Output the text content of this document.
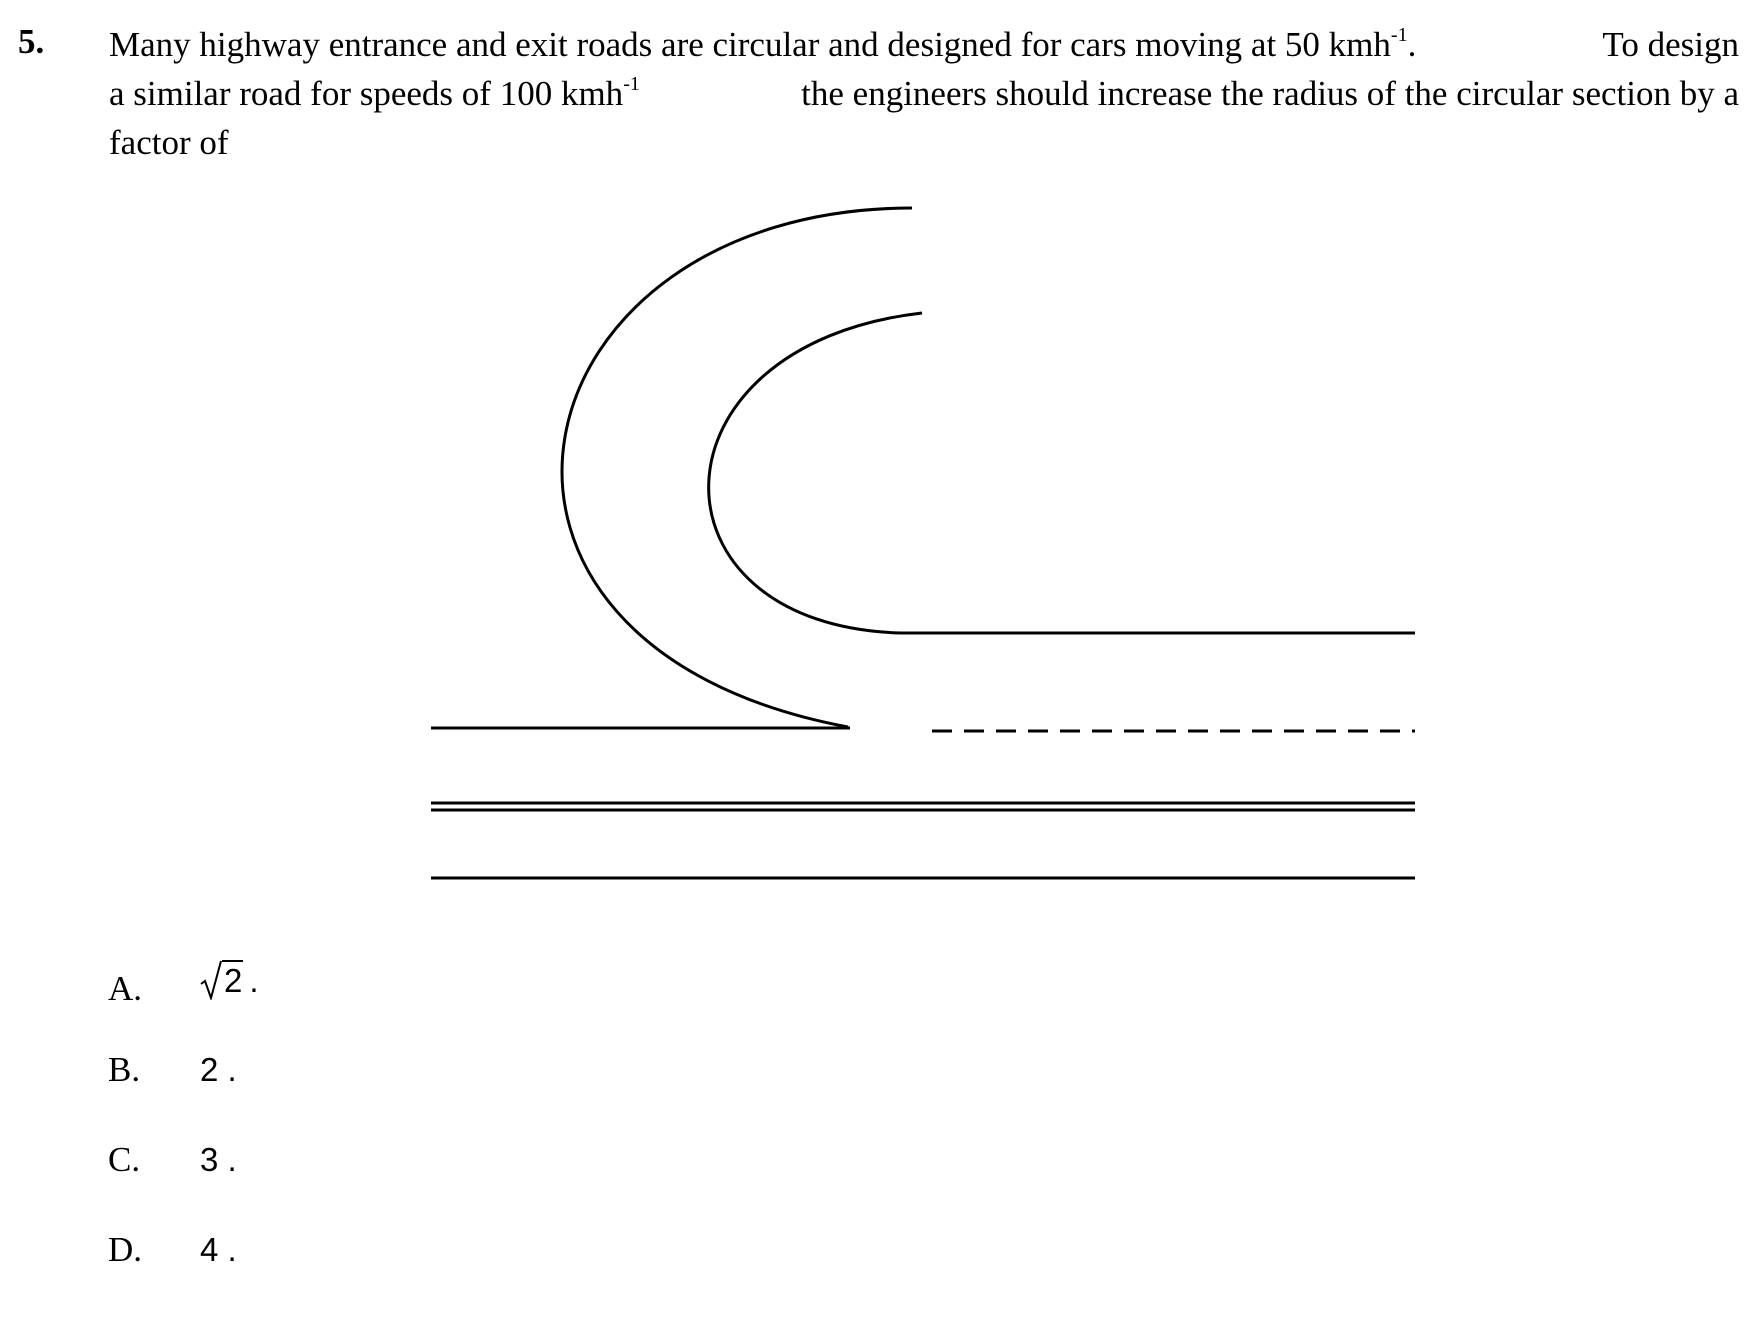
5. Many highway entrance and exit roads are circular and designed for cars moving at 50 kmh$^{-1}$.	To design
a similar road for speeds of 100 kmh$^{-1}$	the engineers should increase the radius of the circular section by a
factor of
A.	2 .
B.	2 .
C.	3 .
D.	4 .
